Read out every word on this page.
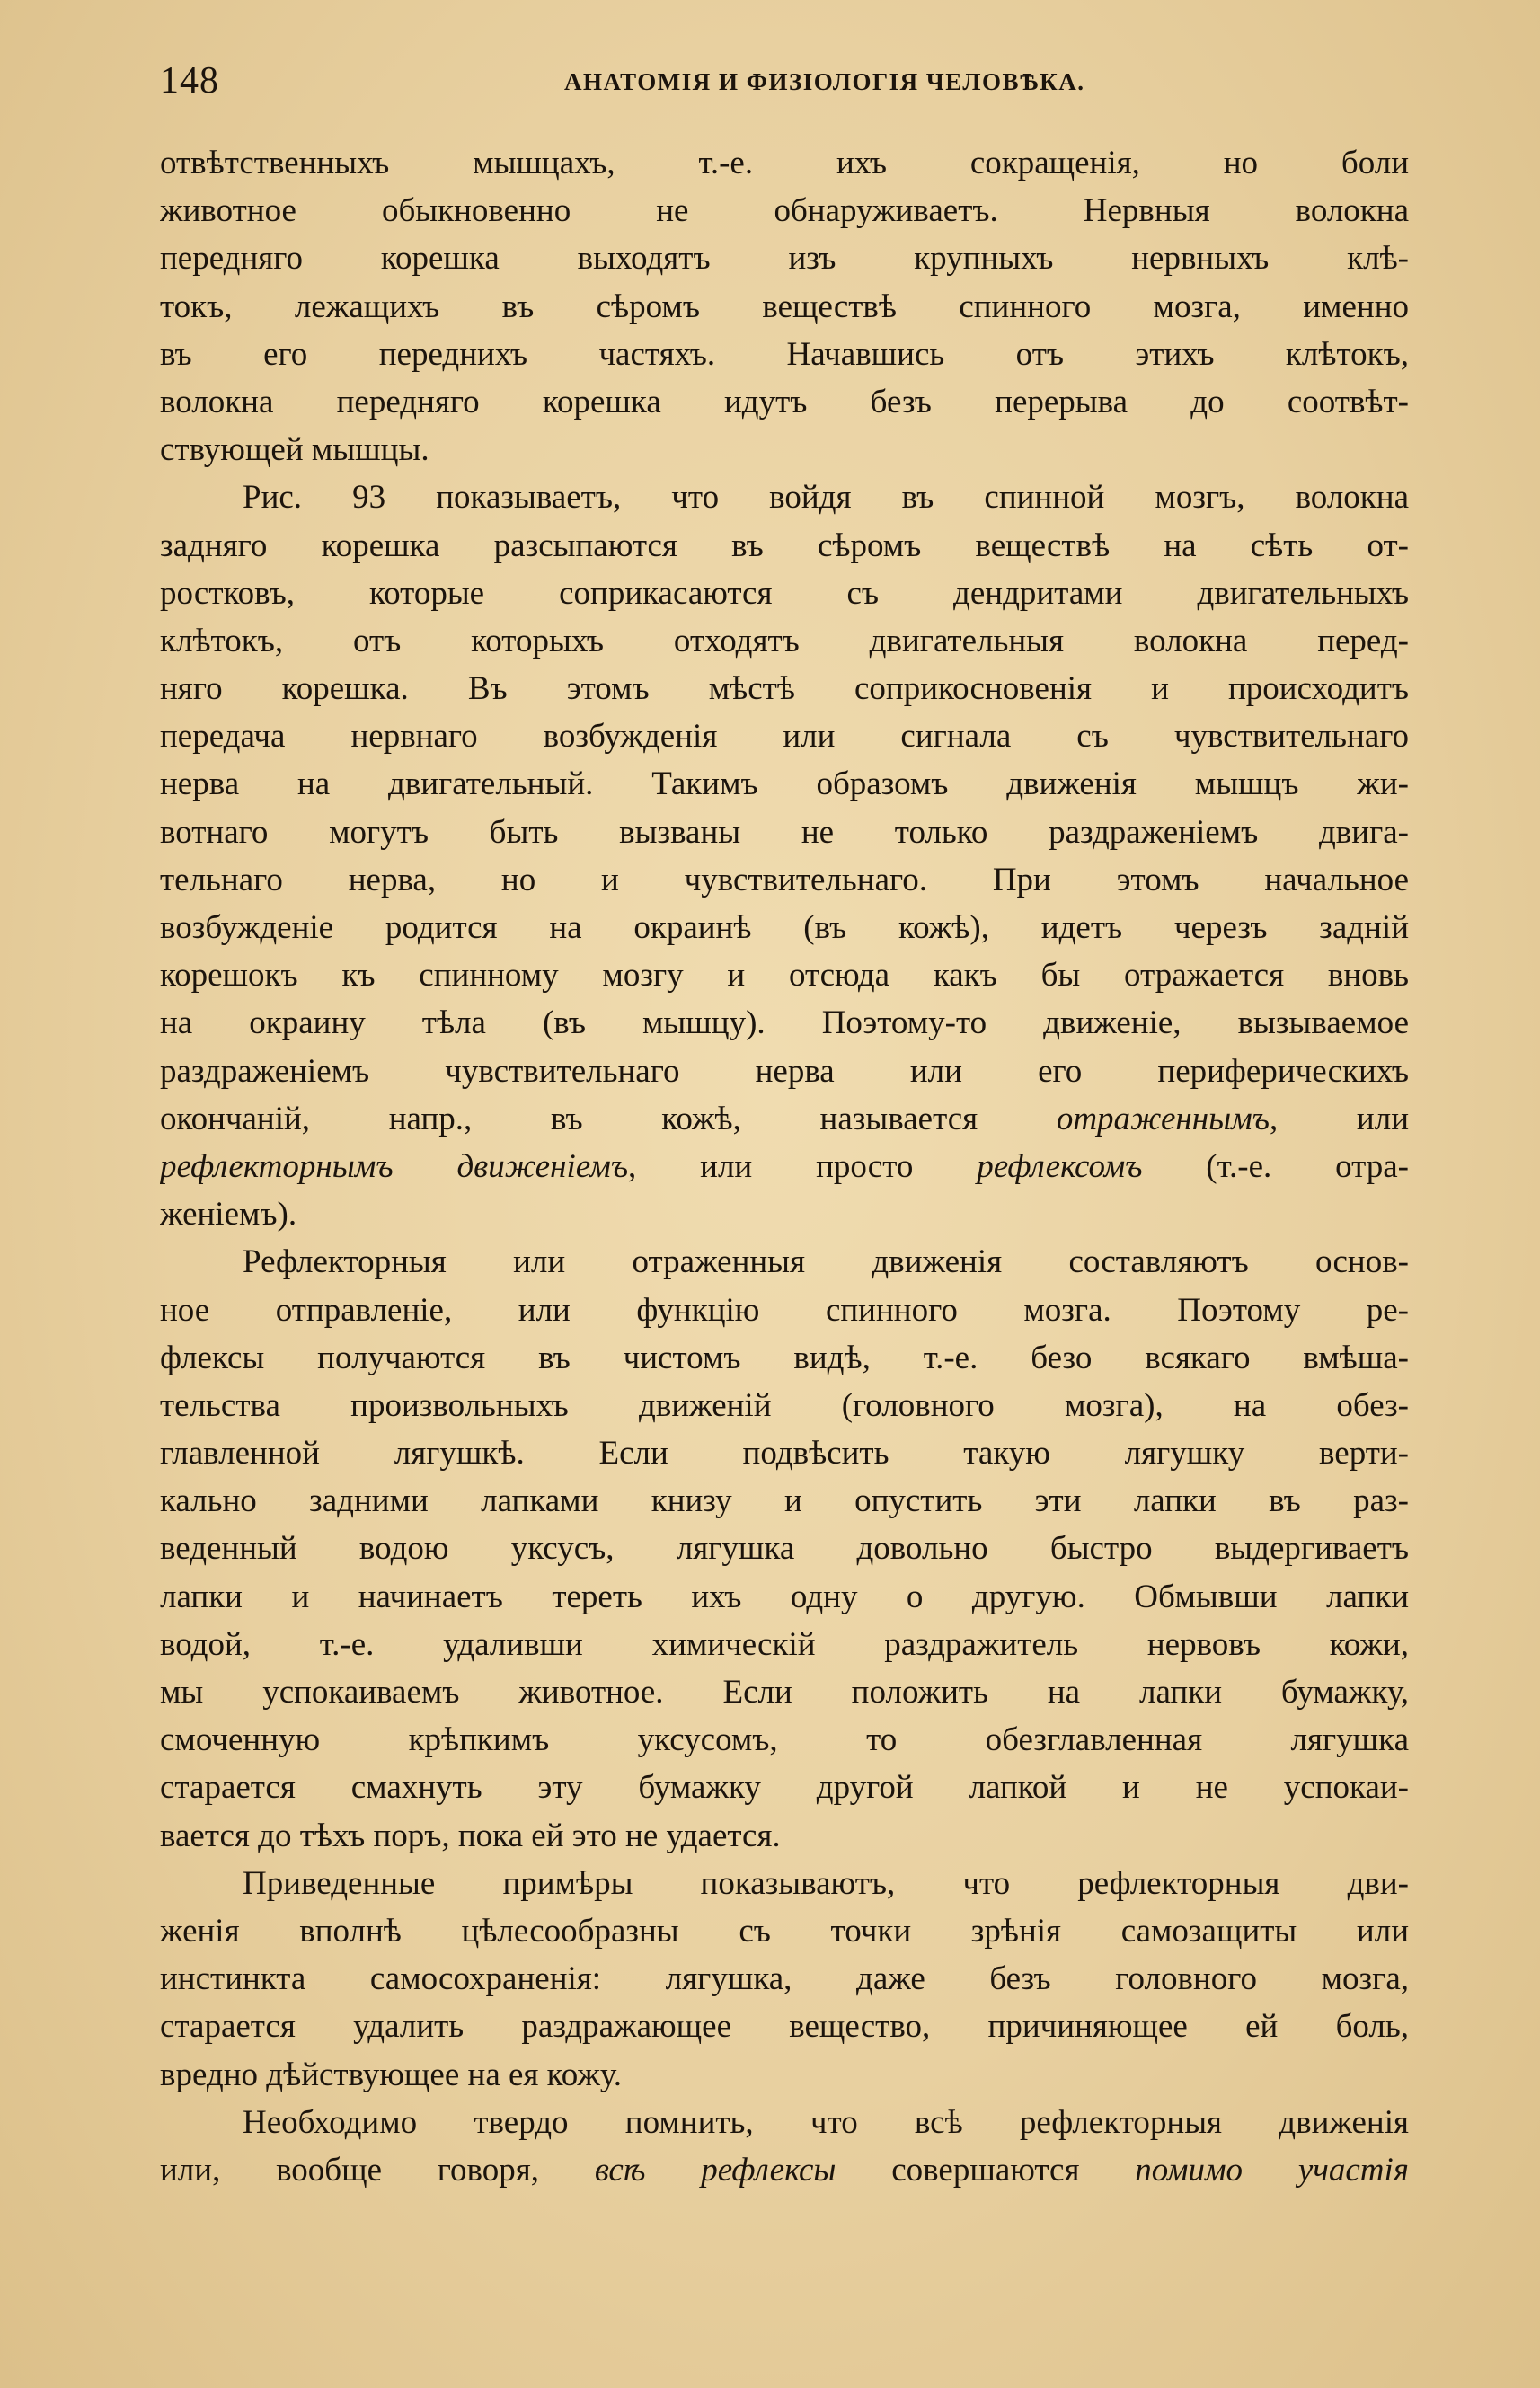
148	АНАТОМІЯ И ФИЗІОЛОГІЯ ЧЕЛОВѢКА.
отвѣтственныхъ мышцахъ, т.-е. ихъ сокращенія, но боли
животное обыкновенно не обнаруживаетъ. Нервныя волокна
передняго корешка выходятъ изъ крупныхъ нервныхъ клѣ-
токъ, лежащихъ въ сѣромъ веществѣ спинного мозга, именно
въ его переднихъ частяхъ. Начавшись отъ этихъ клѣтокъ,
волокна передняго корешка идутъ безъ перерыва до соотвѣт-
ствующей мышцы.
Рис. 93 показываетъ, что войдя въ спинной мозгъ, волокна
задняго корешка разсыпаются въ сѣромъ веществѣ на сѣть от-
ростковъ, которые соприкасаются съ дендритами двигательныхъ
клѣтокъ, отъ которыхъ отходятъ двигательныя волокна перед-
няго корешка. Въ этомъ мѣстѣ соприкосновенія и происходитъ
передача нервнаго возбужденія или сигнала съ чувствительнаго
нерва на двигательный. Такимъ образомъ движенія мышцъ жи-
вотнаго могутъ быть вызваны не только раздраженіемъ двига-
тельнаго нерва, но и чувствительнаго. При этомъ начальное
возбужденіе родится на окраинѣ (въ кожѣ), идетъ черезъ задній
корешокъ къ спинному мозгу и отсюда какъ бы отражается вновь
на окраину тѣла (въ мышцу). Поэтому-то движеніе, вызываемое
раздраженіемъ чувствительнаго нерва или его периферическихъ
окончаній, напр., въ кожѣ, называется отраженнымъ, или
рефлекторнымъ движеніемъ, или просто рефлексомъ (т.-е. отра-
женіемъ).
Рефлекторныя или отраженныя движенія составляютъ основ-
ное отправленіе, или функцію спинного мозга. Поэтому ре-
флексы получаются въ чистомъ видѣ, т.-е. безо всякаго вмѣша-
тельства произвольныхъ движеній (головного мозга), на обез-
главленной лягушкѣ. Если подвѣсить такую лягушку верти-
кально задними лапками книзу и опустить эти лапки въ раз-
веденный водою уксусъ, лягушка довольно быстро выдергиваетъ
лапки и начинаетъ тереть ихъ одну о другую. Обмывши лапки
водой, т.-е. удаливши химическій раздражитель нервовъ кожи,
мы успокаиваемъ животное. Если положить на лапки бумажку,
смоченную крѣпкимъ уксусомъ, то обезглавленная лягушка
старается смахнуть эту бумажку другой лапкой и не успокаи-
вается до тѣхъ поръ, пока ей это не удается.
Приведенные примѣры показываютъ, что рефлекторныя дви-
женія вполнѣ цѣлесообразны съ точки зрѣнія самозащиты или
инстинкта самосохраненія: лягушка, даже безъ головного мозга,
старается удалить раздражающее вещество, причиняющее ей боль,
вредно дѣйствующее на ея кожу.
Необходимо твердо помнить, что всѣ рефлекторныя движенія
или, вообще говоря, всѣ рефлексы совершаются помимо участія
